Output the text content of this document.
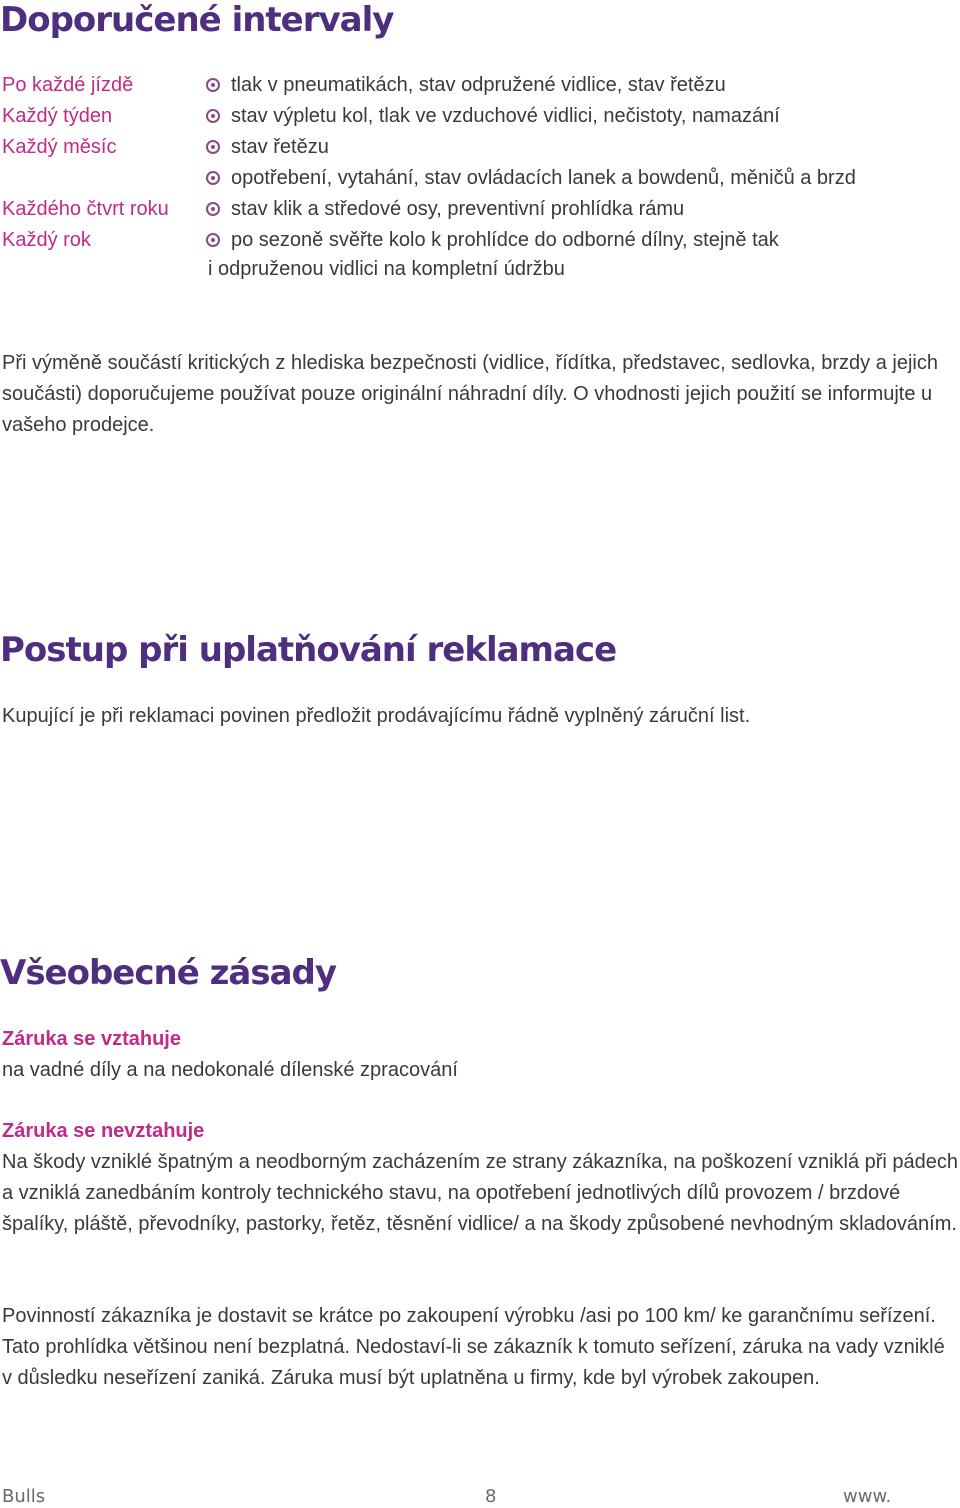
Doporučené intervaly
Po každé jízdě	tlak v pneumatikách, stav odpružené vidlice, stav řetězu
Každý týden	stav výpletu kol, tlak ve vzduchové vidlici, nečistoty, namazání
Každý měsíc	stav řetězu
opotřebení, vytahání, stav ovládacích lanek a bowdenů, měničů a brzd
Každého čtvrt roku	stav klik a středové osy, preventivní prohlídka rámu
Každý rok	po sezoně svěřte kolo k prohlídce do odborné dílny, stejně tak
i odpruženou vidlici na kompletní údržbu

Při výměně součástí kritických z hlediska bezpečnosti (vidlice, řídítka, představec, sedlovka, brzdy a jejich součásti) doporučujeme používat pouze originální náhradní díly. O vhodnosti jejich použití se informujte u vašeho prodejce.

Postup při uplatňování reklamace

Kupující je při reklamaci povinen předložit prodávajícímu řádně vyplněný záruční list.

Všeobecné zásady
Záruka se vztahuje

na vadné díly a na nedokonalé dílenské zpracování

Záruka se nevztahuje

Na škody vzniklé špatným a neodborným zacházením ze strany zákazníka, na poškození vzniklá při pádech a vzniklá zanedbáním kontroly technického stavu, na opotřebení jednotlivých dílů provozem / brzdové špalíky, pláště, převodníky, pastorky, řetěz, těsnění vidlice/ a na škody způsobené nevhodným skladováním.

Povinností zákazníka je dostavit se krátce po zakoupení výrobku /asi po 100 km/ ke garančnímu seřízení. Tato prohlídka většinou není bezplatná. Nedostaví-li se zákazník k tomuto seřízení, záruka na vady vzniklé v důsledku neseřízení zaniká. Záruka musí být uplatněna u firmy, kde byl výrobek zakoupen.

Bulls	8	www.
